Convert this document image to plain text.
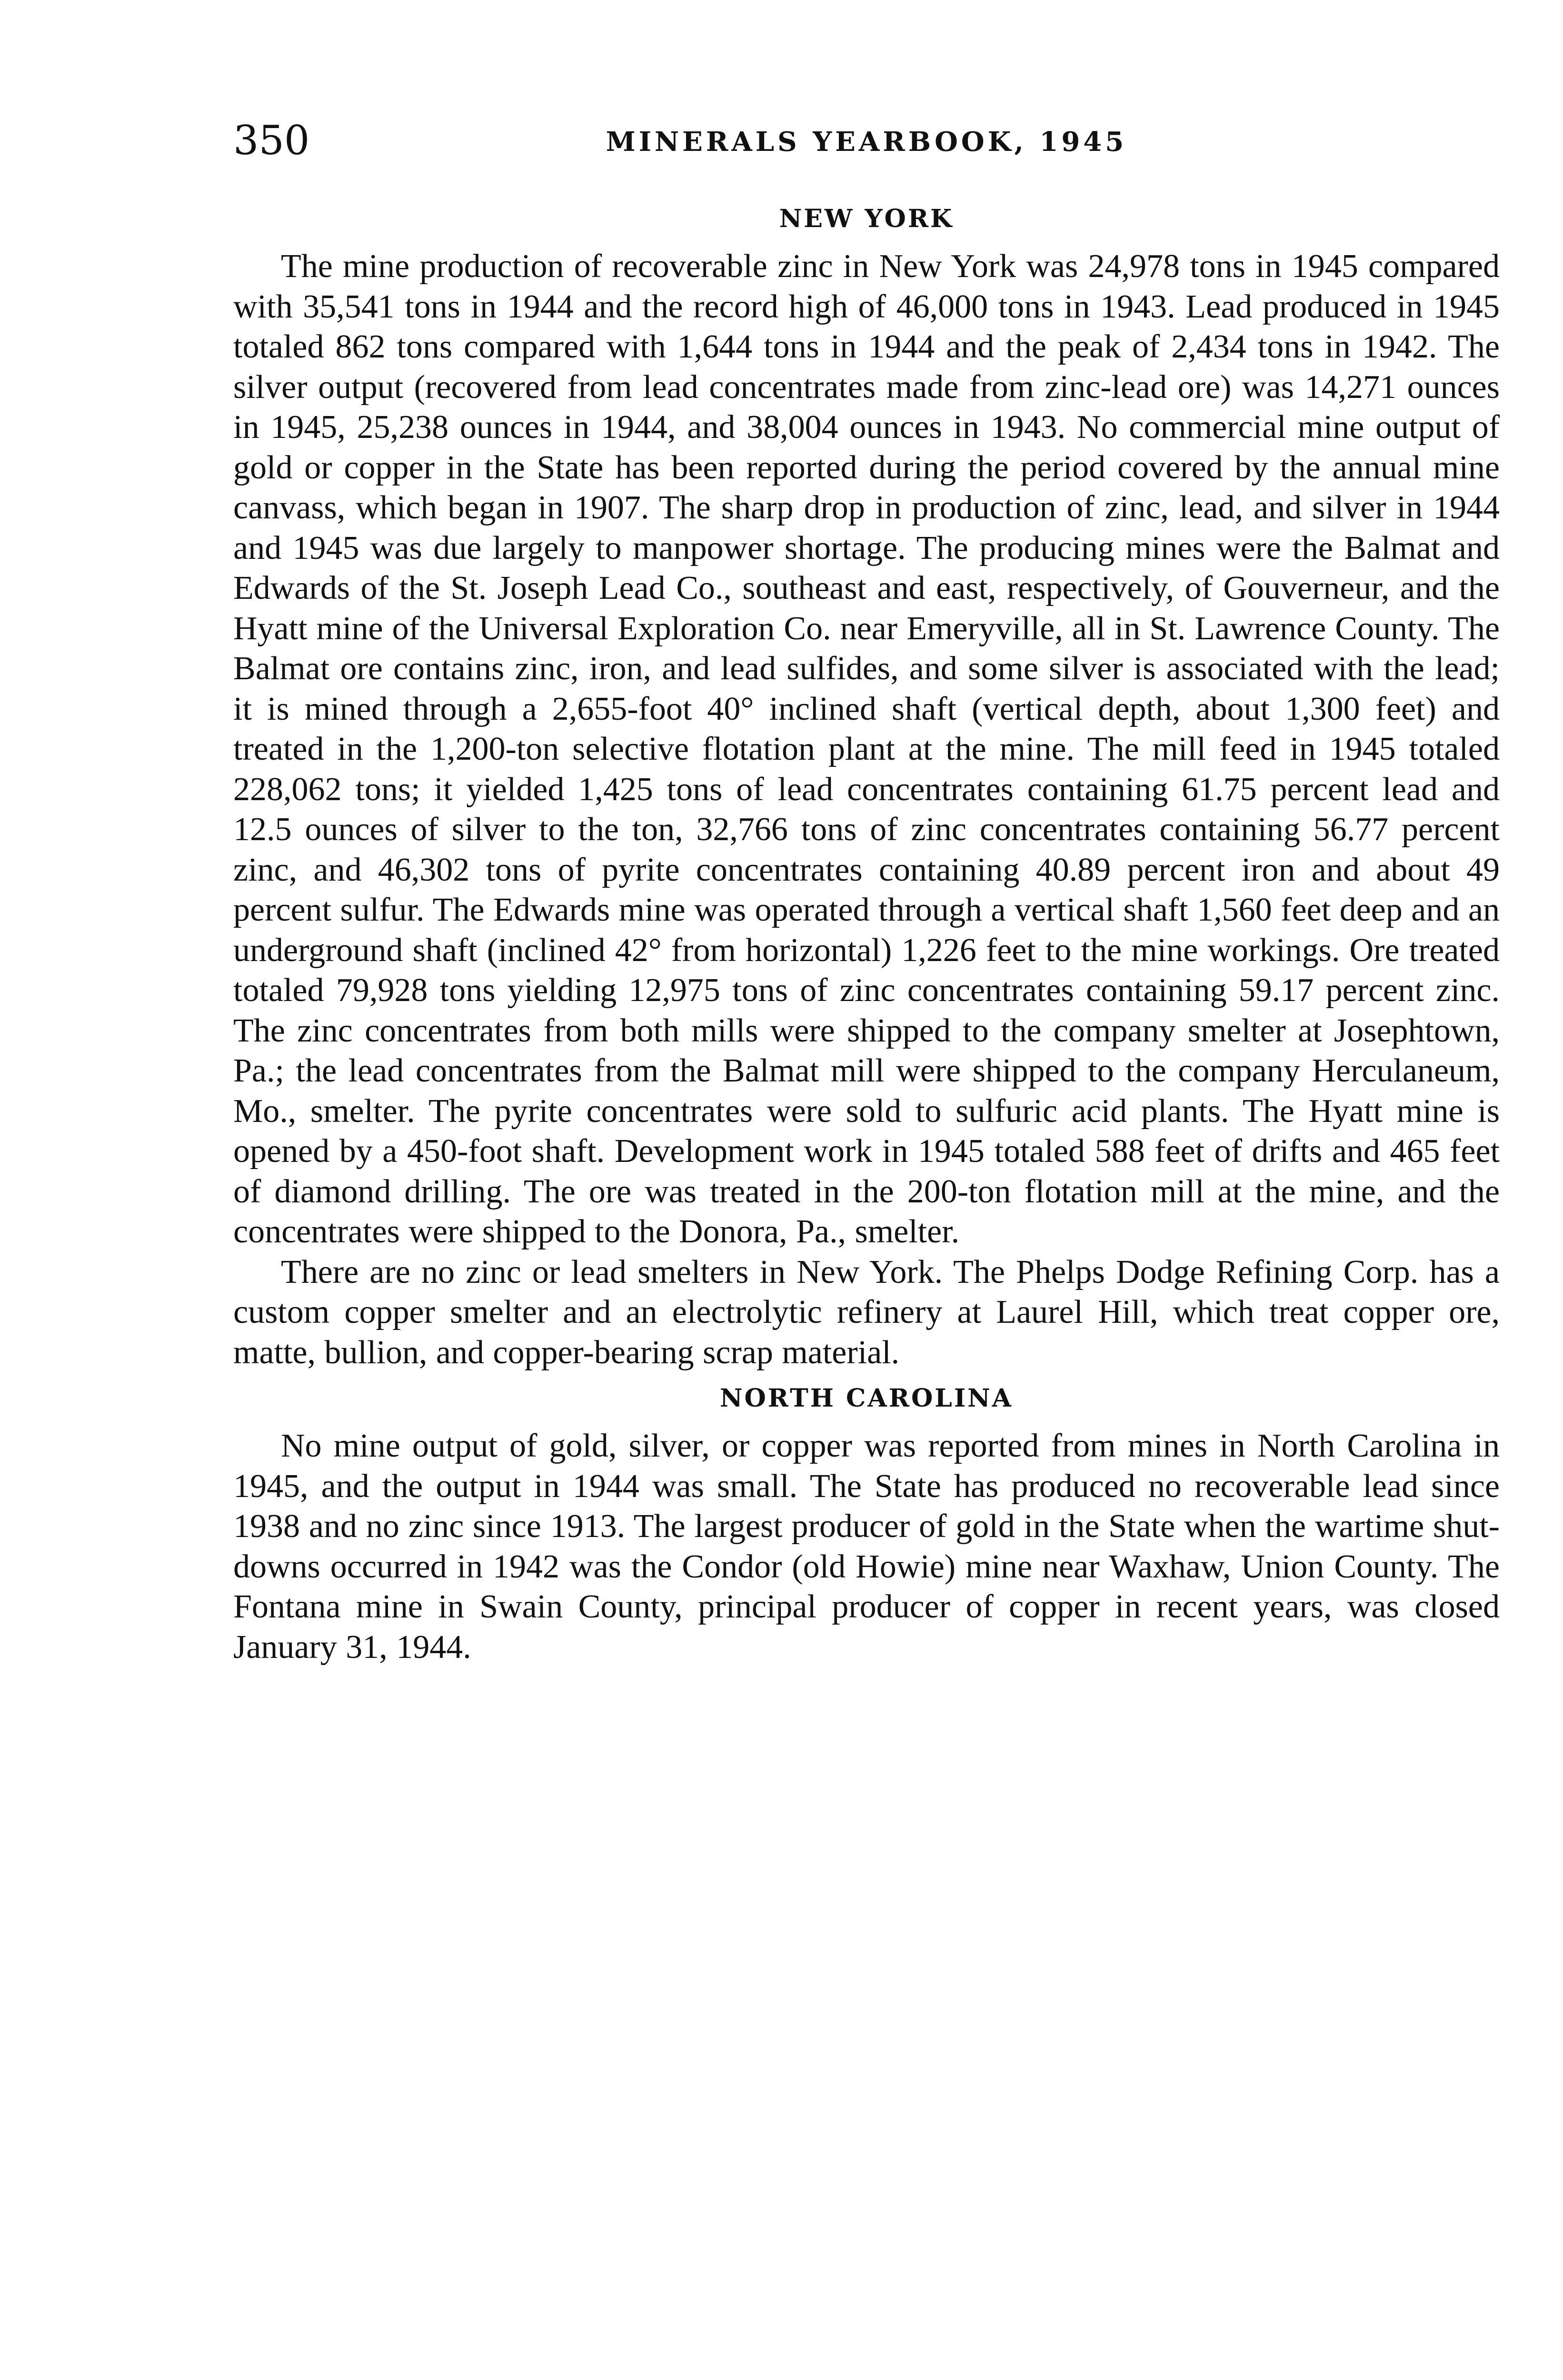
350	MINERALS YEARBOOK, 1945
NEW YORK

The mine production of recoverable zinc in New York was 24,978 tons in 1945 compared with 35,541 tons in 1944 and the record high of 46,000 tons in 1943. Lead produced in 1945 totaled 862 tons compared with 1,644 tons in 1944 and the peak of 2,434 tons in 1942. The silver output (recovered from lead concentrates made from zinc-lead ore) was 14,271 ounces in 1945, 25,238 ounces in 1944, and 38,004 ounces in 1943. No commercial mine output of gold or copper in the State has been reported during the period covered by the annual mine canvass, which began in 1907. The sharp drop in production of zinc, lead, and silver in 1944 and 1945 was due largely to manpower shortage. The producing mines were the Balmat and Edwards of the St. Joseph Lead Co., southeast and east, respectively, of Gouverneur, and the Hyatt mine of the Universal Exploration Co. near Emeryville, all in St. Lawrence County. The Balmat ore contains zinc, iron, and lead sulfides, and some silver is associated with the lead; it is mined through a 2,655-foot 40° inclined shaft (vertical depth, about 1,300 feet) and treated in the 1,200-ton selective flotation plant at the mine. The mill feed in 1945 totaled 228,062 tons; it yielded 1,425 tons of lead concentrates containing 61.75 percent lead and 12.5 ounces of silver to the ton, 32,766 tons of zinc concentrates containing 56.77 percent zinc, and 46,302 tons of pyrite concentrates containing 40.89 percent iron and about 49 percent sulfur. The Edwards mine was operated through a vertical shaft 1,560 feet deep and an underground shaft (inclined 42° from horizontal) 1,226 feet to the mine workings. Ore treated totaled 79,928 tons yielding 12,975 tons of zinc concentrates containing 59.17 percent zinc. The zinc concentrates from both mills were shipped to the company smelter at Josephtown, Pa.; the lead concentrates from the Balmat mill were shipped to the company Herculaneum, Mo., smelter. The pyrite concentrates were sold to sulfuric acid plants. The Hyatt mine is opened by a 450-foot shaft. Development work in 1945 totaled 588 feet of drifts and 465 feet of diamond drilling. The ore was treated in the 200-ton flotation mill at the mine, and the concentrates were shipped to the Donora, Pa., smelter.

There are no zinc or lead smelters in New York. The Phelps Dodge Refining Corp. has a custom copper smelter and an electrolytic refinery at Laurel Hill, which treat copper ore, matte, bullion, and copper-bearing scrap material.

NORTH CAROLINA

No mine output of gold, silver, or copper was reported from mines in North Carolina in 1945, and the output in 1944 was small. The State has produced no recoverable lead since 1938 and no zinc since 1913. The largest producer of gold in the State when the wartime shut-downs occurred in 1942 was the Condor (old Howie) mine near Waxhaw, Union County. The Fontana mine in Swain County, principal producer of copper in recent years, was closed January 31, 1944.
